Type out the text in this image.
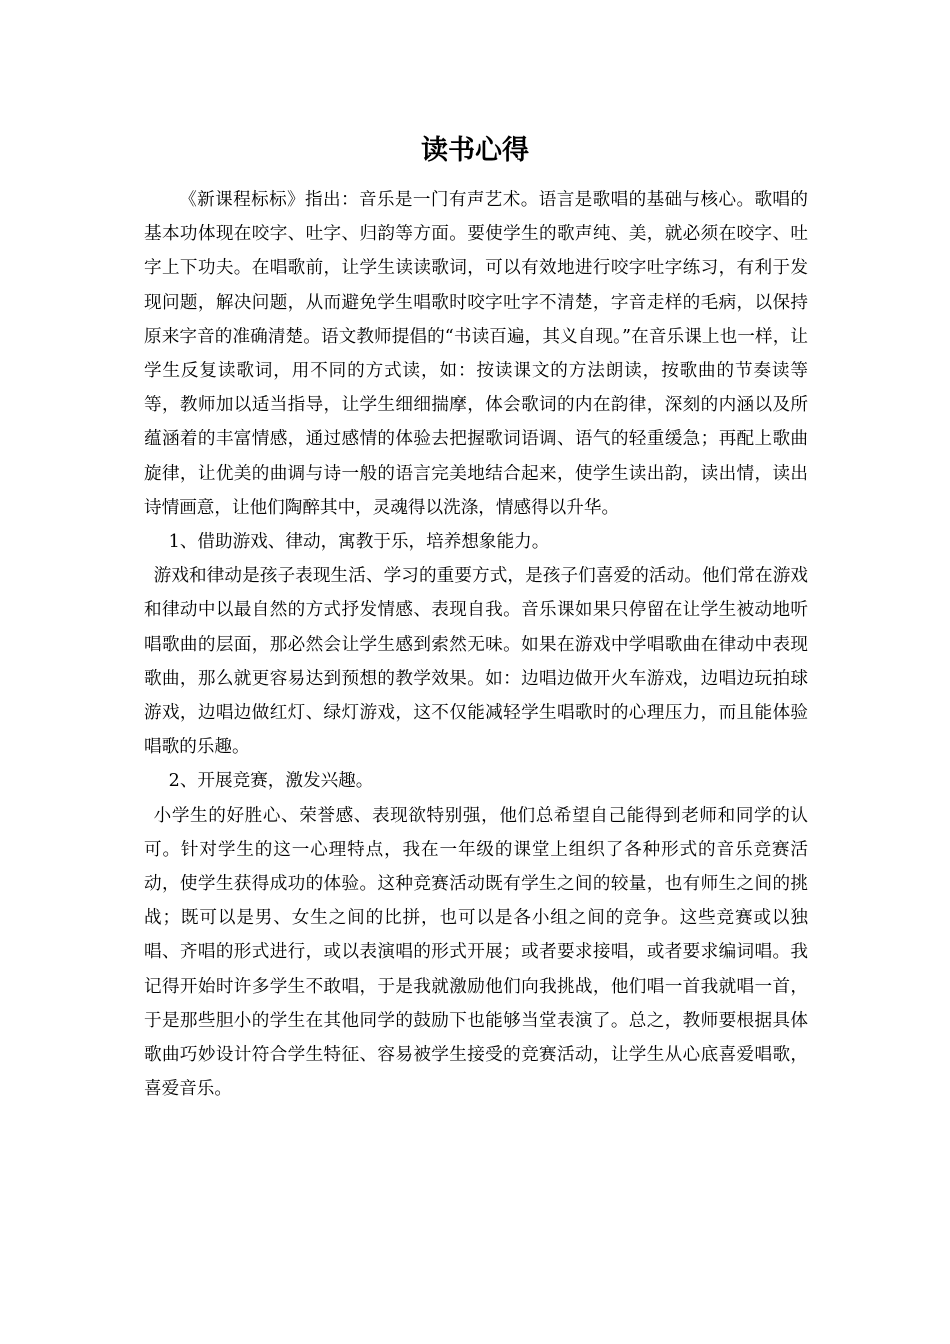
读书心得

《新课程标标》指出：音乐是一门有声艺术。语言是歌唱的基础与核心。歌唱的基本功体现在咬字、吐字、归韵等方面。要使学生的歌声纯、美，就必须在咬字、吐字上下功夫。在唱歌前，让学生读读歌词，可以有效地进行咬字吐字练习，有利于发现问题，解决问题，从而避免学生唱歌时咬字吐字不清楚，字音走样的毛病，以保持原来字音的准确清楚。语文教师提倡的“书读百遍，其义自现。”在音乐课上也一样，让学生反复读歌词，用不同的方式读，如：按读课文的方法朗读，按歌曲的节奏读等等，教师加以适当指导，让学生细细揣摩，体会歌词的内在韵律，深刻的内涵以及所蕴涵着的丰富情感，通过感情的体验去把握歌词语调、语气的轻重缓急；再配上歌曲旋律，让优美的曲调与诗一般的语言完美地结合起来，使学生读出韵，读出情，读出诗情画意，让他们陶醉其中，灵魂得以洗涤，情感得以升华。

1、借助游戏、律动，寓教于乐，培养想象能力。

游戏和律动是孩子表现生活、学习的重要方式，是孩子们喜爱的活动。他们常在游戏和律动中以最自然的方式抒发情感、表现自我。音乐课如果只停留在让学生被动地听唱歌曲的层面，那必然会让学生感到索然无味。如果在游戏中学唱歌曲在律动中表现歌曲，那么就更容易达到预想的教学效果。如：边唱边做开火车游戏，边唱边玩拍球游戏，边唱边做红灯、绿灯游戏，这不仅能减轻学生唱歌时的心理压力，而且能体验唱歌的乐趣。

2、开展竞赛，激发兴趣。

小学生的好胜心、荣誉感、表现欲特别强，他们总希望自己能得到老师和同学的认可。针对学生的这一心理特点，我在一年级的课堂上组织了各种形式的音乐竞赛活动，使学生获得成功的体验。这种竞赛活动既有学生之间的较量，也有师生之间的挑战；既可以是男、女生之间的比拼，也可以是各小组之间的竞争。这些竞赛或以独唱、齐唱的形式进行，或以表演唱的形式开展；或者要求接唱，或者要求编词唱。我记得开始时许多学生不敢唱，于是我就激励他们向我挑战，他们唱一首我就唱一首，于是那些胆小的学生在其他同学的鼓励下也能够当堂表演了。总之，教师要根据具体歌曲巧妙设计符合学生特征、容易被学生接受的竞赛活动，让学生从心底喜爱唱歌，喜爱音乐。
